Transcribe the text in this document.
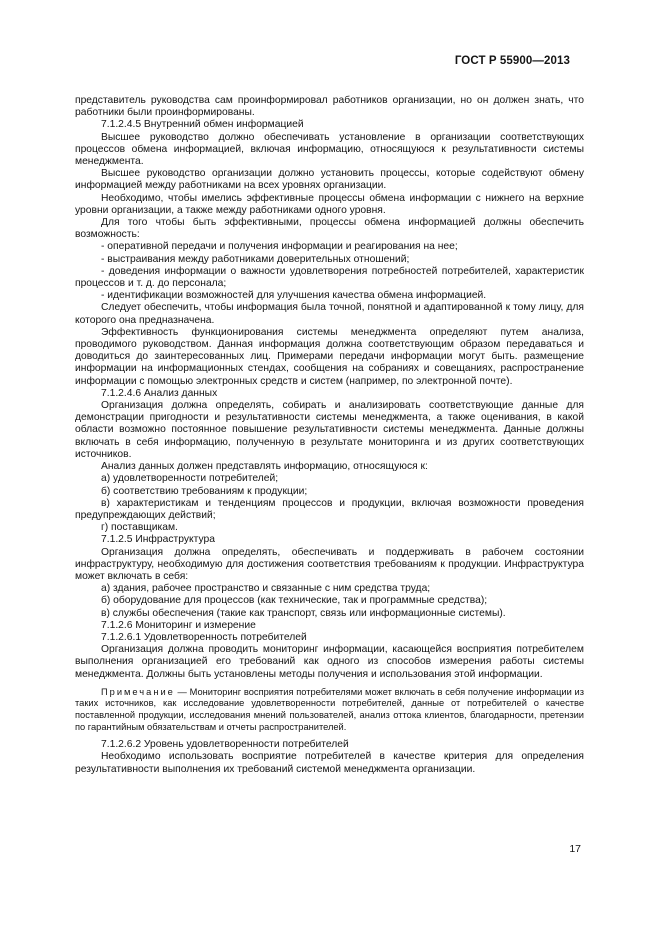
ГОСТ Р 55900—2013

представитель руководства сам проинформировал работников организации, но он должен знать, что работники были проинформированы.

7.1.2.4.5 Внутренний обмен информацией

Высшее руководство должно обеспечивать установление в организации соответствующих процессов обмена информацией, включая информацию, относящуюся к результативности системы менеджмента.

Высшее руководство организации должно установить процессы, которые содействуют обмену информацией между работниками на всех уровнях организации.

Необходимо, чтобы имелись эффективные процессы обмена информации с нижнего на верхние уровни организации, а также между работниками одного уровня.

Для того чтобы быть эффективными, процессы обмена информацией должны обеспечить возможность:

- оперативной передачи и получения информации и реагирования на нее;

- выстраивания между работниками доверительных отношений;

- доведения информации о важности удовлетворения потребностей потребителей, характеристик процессов и т. д. до персонала;

- идентификации возможностей для улучшения качества обмена информацией.

Следует обеспечить, чтобы информация была точной, понятной и адаптированной к тому лицу, для которого она предназначена.

Эффективность функционирования системы менеджмента определяют путем анализа, проводимого руководством. Данная информация должна соответствующим образом передаваться и доводиться до заинтересованных лиц. Примерами передачи информации могут быть. размещение информации на информационных стендах, сообщения на собраниях и совещаниях, распространение информации с помощью электронных средств и систем (например, по электронной почте).

7.1.2.4.6 Анализ данных

Организация должна определять, собирать и анализировать соответствующие данные для демонстрации пригодности и результативности системы менеджмента, а также оценивания, в какой области возможно постоянное повышение результативности системы менеджмента. Данные должны включать в себя информацию, полученную в результате мониторинга и из других соответствующих источников.

Анализ данных должен представлять информацию, относящуюся к:

а) удовлетворенности потребителей;

б) соответствию требованиям к продукции;

в) характеристикам и тенденциям процессов и продукции, включая возможности проведения предупреждающих действий;

г) поставщикам.

7.1.2.5 Инфраструктура

Организация должна определять, обеспечивать и поддерживать в рабочем состоянии инфраструктуру, необходимую для достижения соответствия требованиям к продукции. Инфраструктура может включать в себя:

а) здания, рабочее пространство и связанные с ним средства труда;

б) оборудование для процессов (как технические, так и программные средства);

в) службы обеспечения (такие как транспорт, связь или информационные системы).

7.1.2.6 Мониторинг и измерение

7.1.2.6.1 Удовлетворенность потребителей

Организация должна проводить мониторинг информации, касающейся восприятия потребителем выполнения организацией его требований как одного из способов измерения работы системы менеджмента. Должны быть установлены методы получения и использования этой информации.

Примечание — Мониторинг восприятия потребителями может включать в себя получение информации из таких источников, как исследование удовлетворенности потребителей, данные от потребителей о качестве поставленной продукции, исследования мнений пользователей, анализ оттока клиентов, благодарности, претензии по гарантийным обязательствам и отчеты распространителей.

7.1.2.6.2 Уровень удовлетворенности потребителей

Необходимо использовать восприятие потребителей в качестве критерия для определения результативности выполнения их требований системой менеджмента организации.

17
